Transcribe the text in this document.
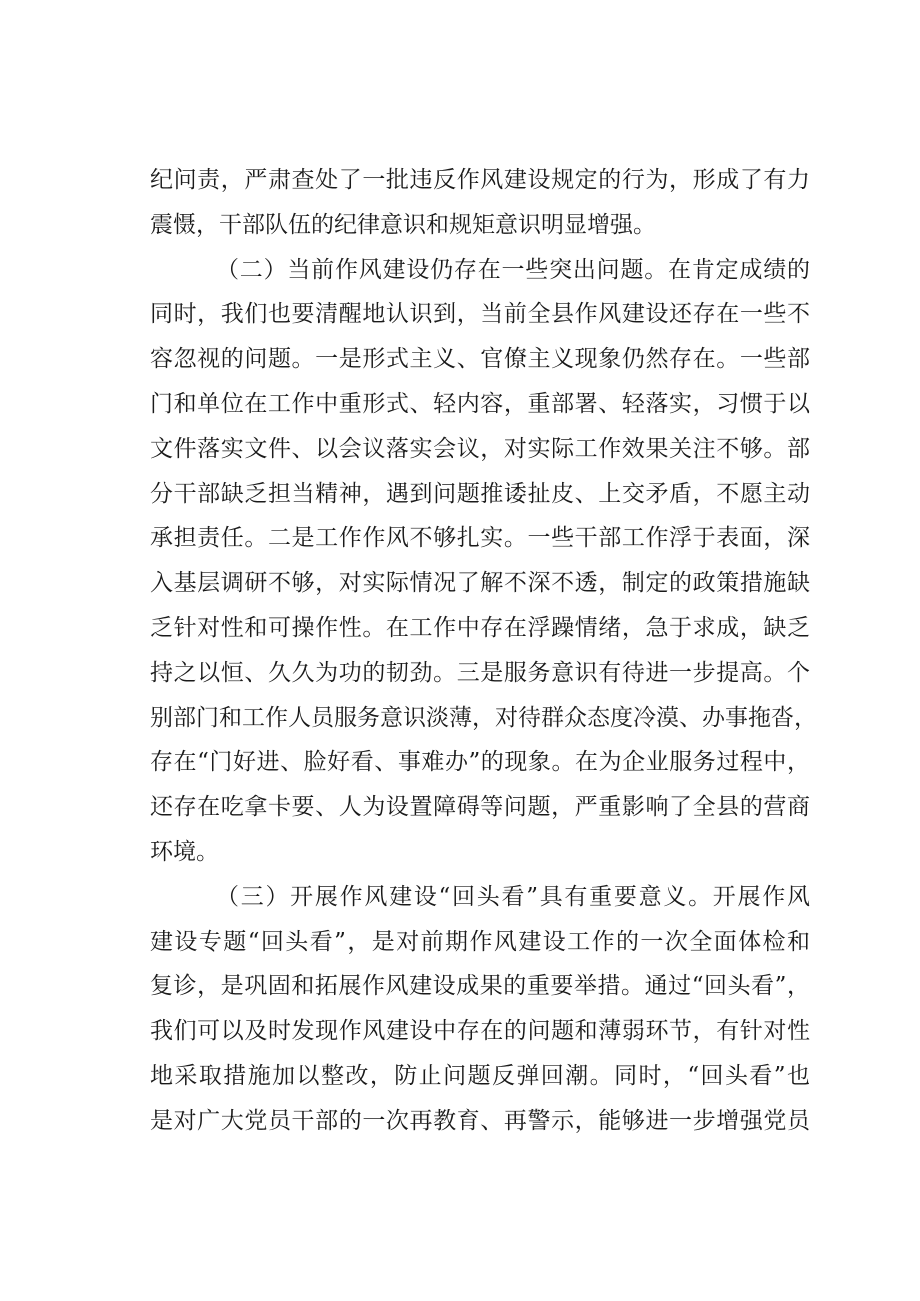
纪问责，严肃查处了一批违反作风建设规定的行为，形成了有力
震慑，干部队伍的纪律意识和规矩意识明显增强。
（二）当前作风建设仍存在一些突出问题。在肯定成绩的
同时，我们也要清醒地认识到，当前全县作风建设还存在一些不
容忽视的问题。一是形式主义、官僚主义现象仍然存在。一些部
门和单位在工作中重形式、轻内容，重部署、轻落实，习惯于以
文件落实文件、以会议落实会议，对实际工作效果关注不够。部
分干部缺乏担当精神，遇到问题推诿扯皮、上交矛盾，不愿主动
承担责任。二是工作作风不够扎实。一些干部工作浮于表面，深
入基层调研不够，对实际情况了解不深不透，制定的政策措施缺
乏针对性和可操作性。在工作中存在浮躁情绪，急于求成，缺乏
持之以恒、久久为功的韧劲。三是服务意识有待进一步提高。个
别部门和工作人员服务意识淡薄，对待群众态度冷漠、办事拖沓，
存在“门好进、脸好看、事难办”的现象。在为企业服务过程中，
还存在吃拿卡要、人为设置障碍等问题，严重影响了全县的营商
环境。
（三）开展作风建设“回头看”具有重要意义。开展作风
建设专题“回头看”，是对前期作风建设工作的一次全面体检和
复诊，是巩固和拓展作风建设成果的重要举措。通过“回头看”，
我们可以及时发现作风建设中存在的问题和薄弱环节，有针对性
地采取措施加以整改，防止问题反弹回潮。同时，“回头看”也
是对广大党员干部的一次再教育、再警示，能够进一步增强党员
